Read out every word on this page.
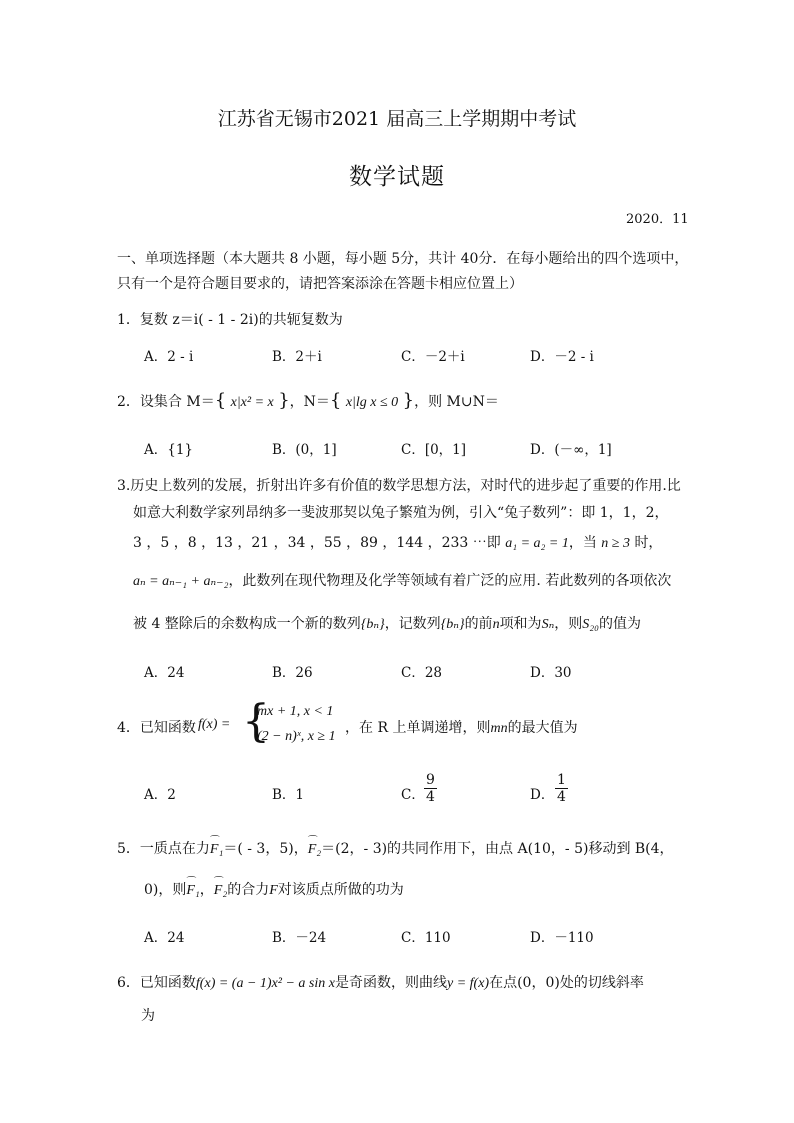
江苏省无锡市2021 届高三上学期期中考试
数学试题
2020．11
一、单项选择题（本大题共 8 小题，每小题 5分，共计 40分．在每小题给出的四个选项中，
只有一个是符合题目要求的，请把答案添涂在答题卡相应位置上）
1．复数 z＝i( - 1 - 2i)的共轭复数为
A．2 - i	B．2＋i	C．－2＋i	D．－2 - i
2．设集合 M＝{ x|x² = x }，N＝{ x|lg x ≤ 0 }，则 M∪N＝
A．{1}	B．(0，1]	C．[0，1]	D．(－∞，1]
3.历史上数列的发展，折射出许多有价值的数学思想方法，对时代的进步起了重要的作用.比
如意大利数学家列昂纳多一斐波那契以兔子繁殖为例，引入“兔子数列”：即 1，1，2，
3 ，5 ，8 ，13 ，21 ，34 ，55 ，89 ，144 ，233 ⋯即 a₁ = a₂ = 1，当 n ≥ 3 时，
aₙ = aₙ₋₁ + aₙ₋₂，此数列在现代物理及化学等领域有着广泛的应用. 若此数列的各项依次
被 4 整除后的余数构成一个新的数列{bₙ}，记数列{bₙ}的前n项和为Sₙ，则S₂₀的值为
A．24	B．26	C．28	D．30
4．已知函数 f(x) = {
mx + 1, x < 1
(2 − n)ˣ, x ≥ 1
，在 R 上单调递增，则mn的最大值为
A．2	B．1	C． $\frac{9}{4}$	D． $\frac{1}{4}$
5．一质点在力⌒ F₁＝( - 3，5)，⌒ F₂＝(2，- 3)的共同作用下，由点 A(10，- 5)移动到 B(4，
0)，则⌒ F₁，⌒ F₂的合力F对该质点所做的功为
A．24	B．－24	C．110	D．－110
6．已知函数f(x) = (a − 1)x² − a sin x是奇函数，则曲线y = f(x)在点(0，0)处的切线斜率
为
